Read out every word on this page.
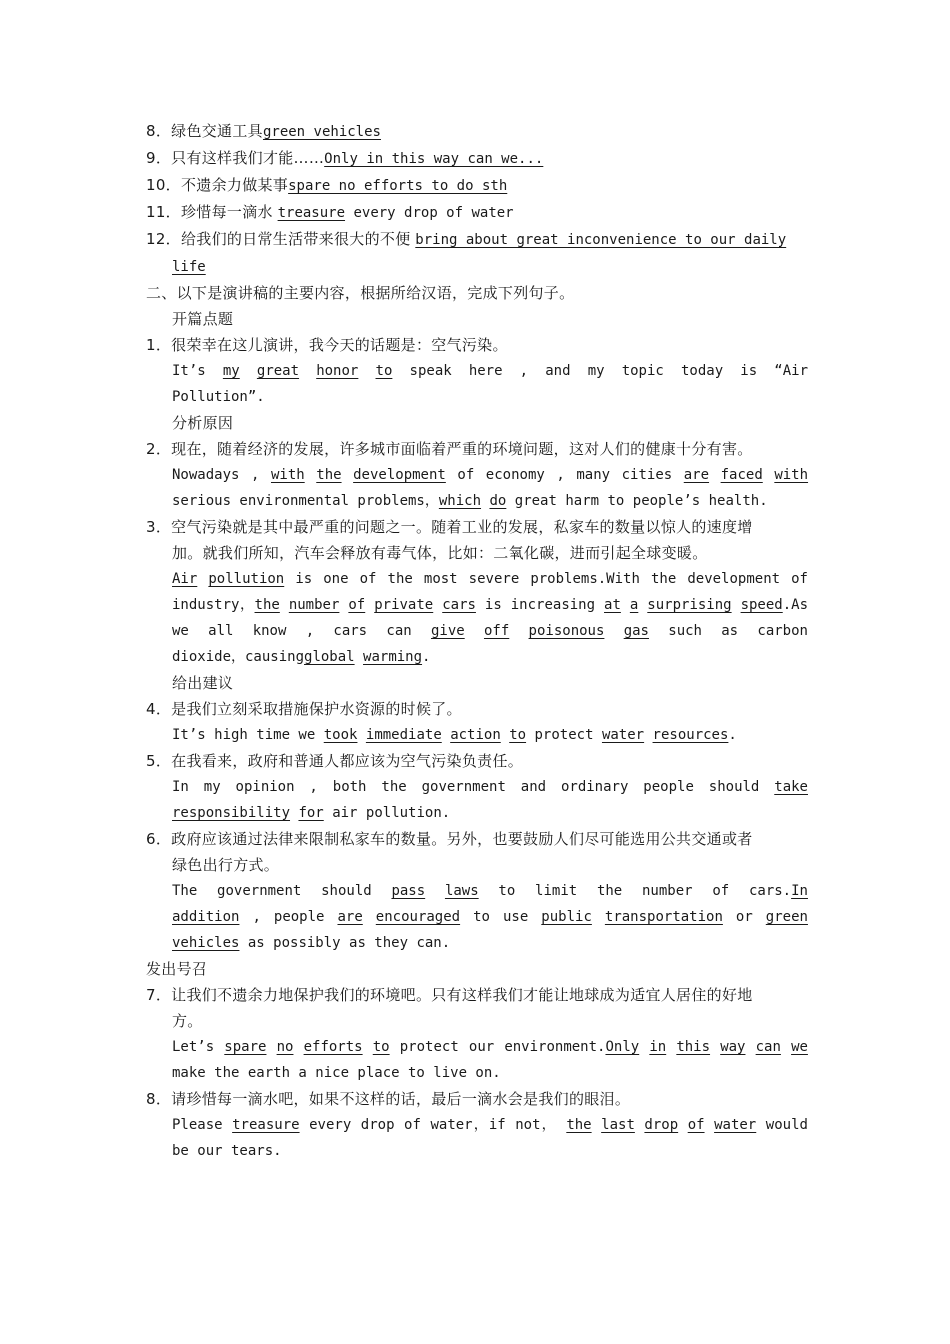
8．绿色交通工具green vehicles
9．只有这样我们才能……Only in this way can we...
10．不遗余力做某事spare no efforts to do sth
11．珍惜每一滴水 treasure every drop of water
12．给我们的日常生活带来很大的不便 bring about great inconvenience to our daily
life
二、以下是演讲稿的主要内容，根据所给汉语，完成下列句子。
开篇点题
1．很荣幸在这儿演讲，我今天的话题是：空气污染。
It’s my great honor to speak here , and my topic today is “Air
Pollution”.
分析原因
2．现在，随着经济的发展，许多城市面临着严重的环境问题，这对人们的健康十分有害。
Nowadays , with the development of economy , many cities are faced with
serious environmental problems，which do great harm to people’s health.
3．空气污染就是其中最严重的问题之一。随着工业的发展，私家车的数量以惊人的速度增
加。就我们所知，汽车会释放有毒气体，比如：二氧化碳，进而引起全球变暖。
Air pollution is one of the most severe problems.With the development of
industry，the number of private cars is increasing at a surprising speed.As
we all know , cars can give off poisonous gas such as carbon
dioxide，causingglobal warming.
给出建议
4．是我们立刻采取措施保护水资源的时候了。
It’s high time we took immediate action to protect water resources.
5．在我看来，政府和普通人都应该为空气污染负责任。
In my opinion , both the government and ordinary people should take
responsibility for air pollution.
6．政府应该通过法律来限制私家车的数量。另外，也要鼓励人们尽可能选用公共交通或者
绿色出行方式。
The government should pass laws to limit the number of cars.In
addition , people are encouraged to use public transportation or green
vehicles as possibly as they can.
发出号召
7．让我们不遗余力地保护我们的环境吧。只有这样我们才能让地球成为适宜人居住的好地
方。
Let’s spare no efforts to protect our environment.Only in this way can we
make the earth a nice place to live on.
8．请珍惜每一滴水吧，如果不这样的话，最后一滴水会是我们的眼泪。
Please treasure every drop of water，if not， the last drop of water would
be our tears.
